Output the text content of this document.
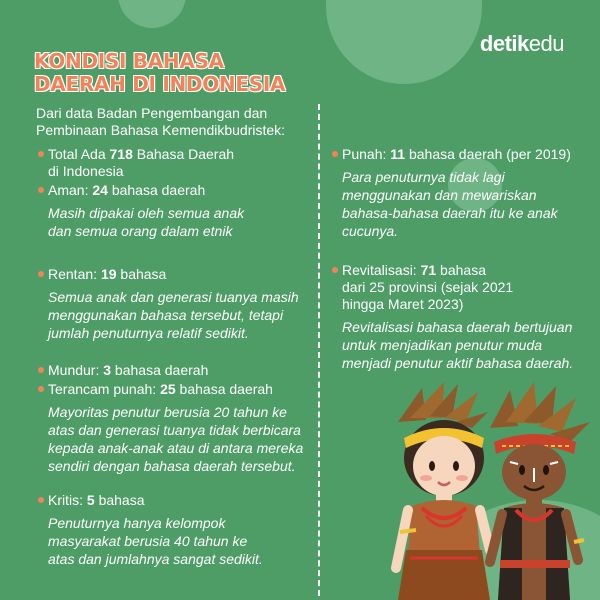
KONDISI BAHASA
DAERAH DI INDONESIA
detikedu
Dari data Badan Pengembangan dan
Pembinaan Bahasa Kemendikbudristek:
Total Ada 718 Bahasa Daerah
di Indonesia
Aman: 24 bahasa daerah
Masih dipakai oleh semua anak
dan semua orang dalam etnik
Rentan: 19 bahasa
Semua anak dan generasi tuanya masih
menggunakan bahasa tersebut, tetapi
jumlah penuturnya relatif sedikit.
Mundur: 3 bahasa daerah
Terancam punah: 25 bahasa daerah
Mayoritas penutur berusia 20 tahun ke
atas dan generasi tuanya tidak berbicara
kepada anak-anak atau di antara mereka
sendiri dengan bahasa daerah tersebut.
Kritis: 5 bahasa
Penuturnya hanya kelompok
masyarakat berusia 40 tahun ke
atas dan jumlahnya sangat sedikit.
Punah: 11 bahasa daerah (per 2019)
Para penuturnya tidak lagi
menggunakan dan mewariskan
bahasa-bahasa daerah itu ke anak
cucunya.
Revitalisasi: 71 bahasa
dari 25 provinsi (sejak 2021
hingga Maret 2023)
Revitalisasi bahasa daerah bertujuan
untuk menjadikan penutur muda
menjadi penutur aktif bahasa daerah.
